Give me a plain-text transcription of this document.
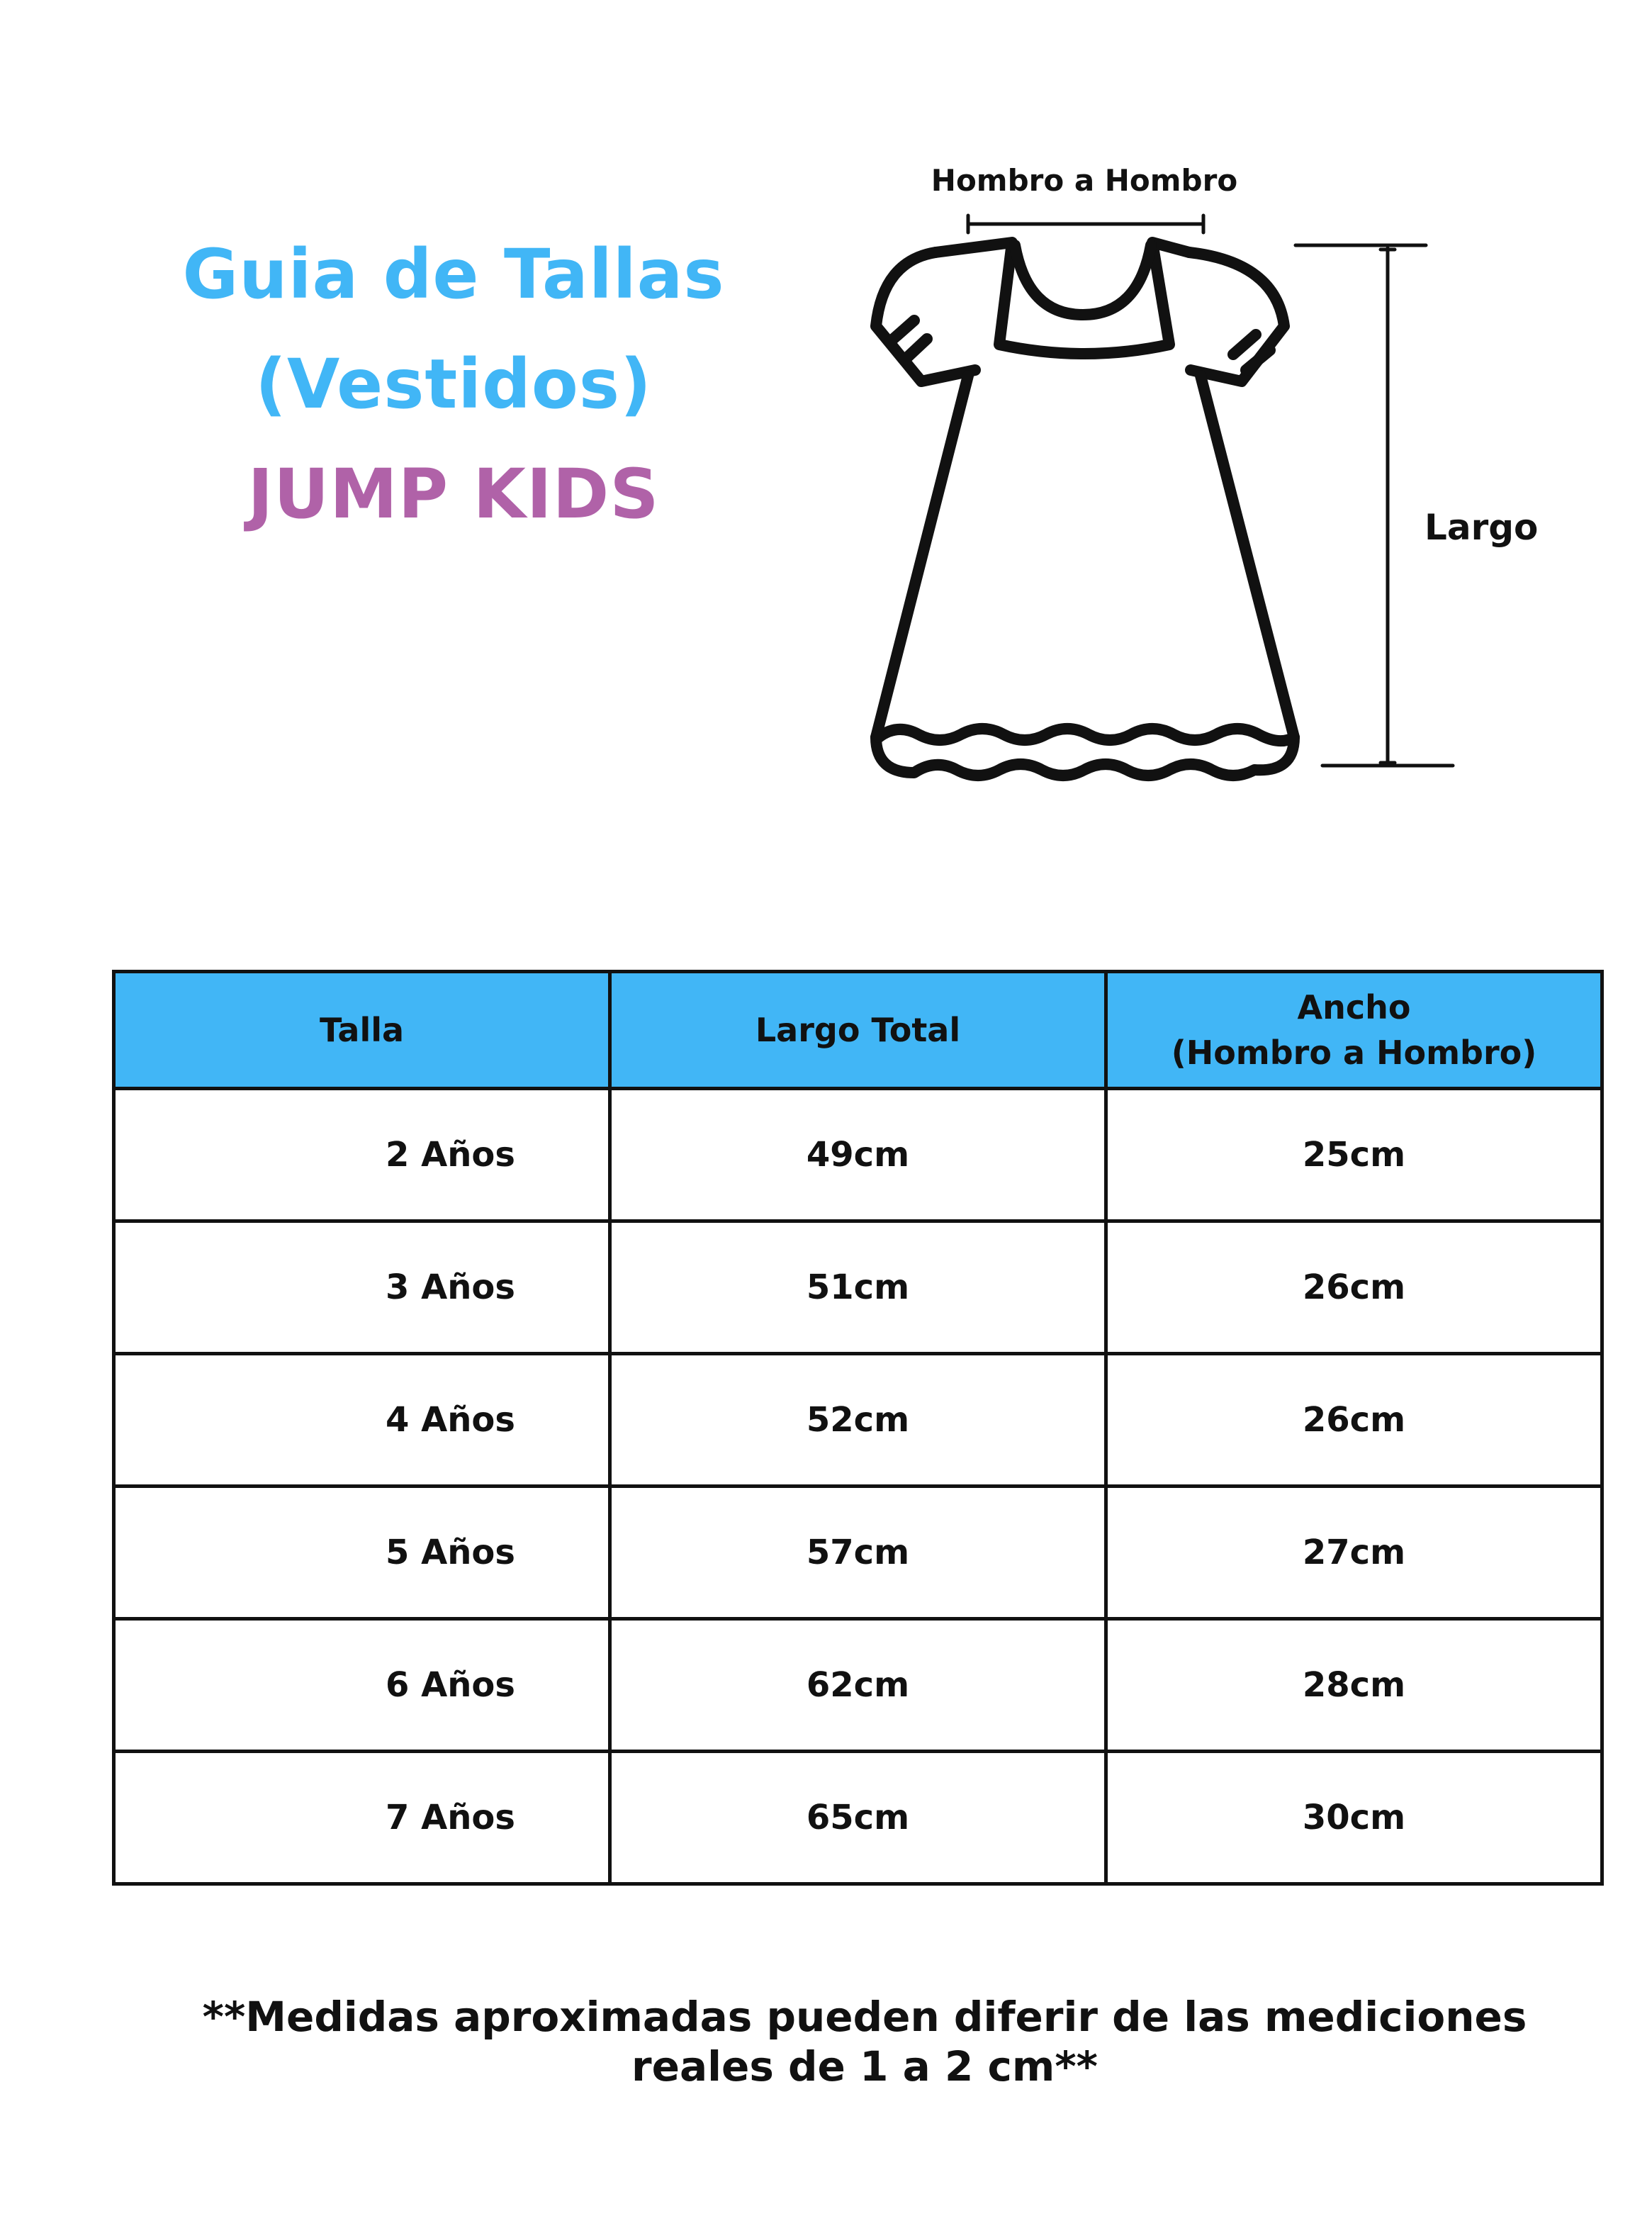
Guia de Tallas
(Vestidos)
JUMP KIDS
Hombro a Hombro
Largo
Talla	Largo Total	Ancho
(Hombro a Hombro)

2 Años	49cm	25cm
3 Años	51cm	26cm
4 Años	52cm	26cm
5 Años	57cm	27cm
6 Años	62cm	28cm
7 Años	65cm	30cm
**Medidas aproximadas pueden diferir de las mediciones
reales de 1 a 2 cm**
